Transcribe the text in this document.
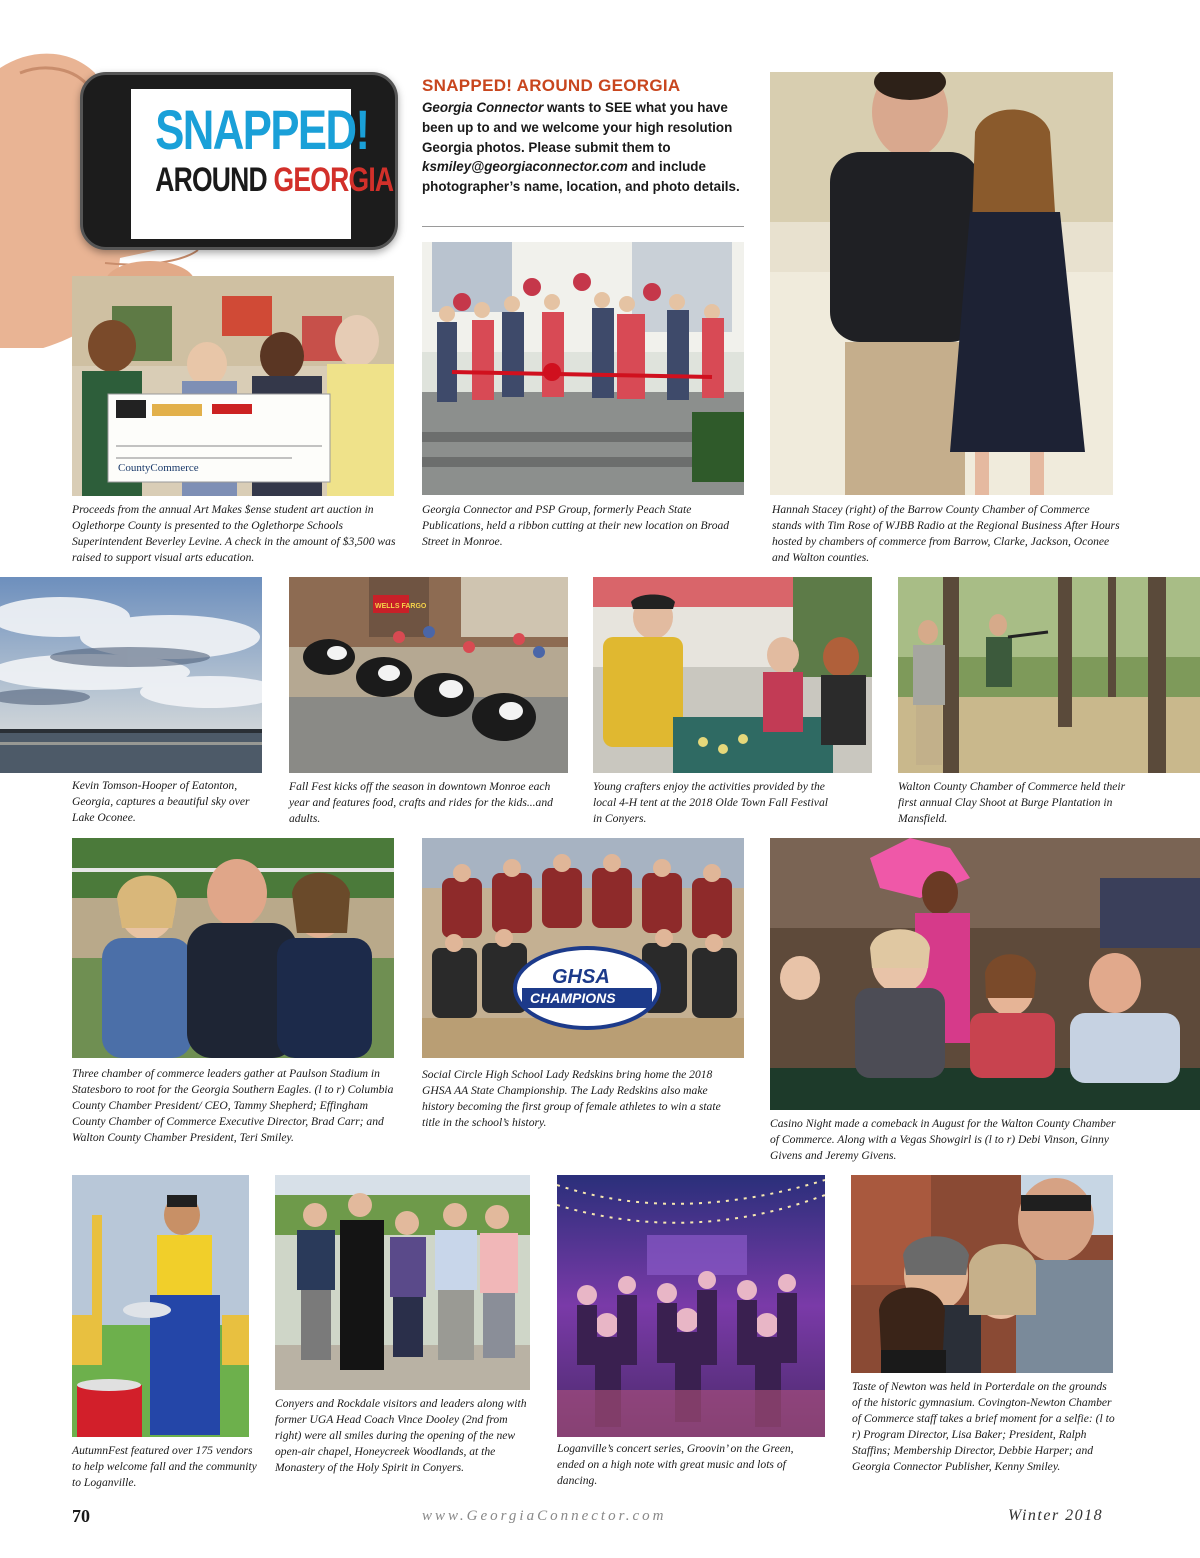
SNAPPED!
AROUND GEORGIA
SNAPPED! AROUND GEORGIA
Georgia Connector wants to SEE what you have been up to and we welcome your high resolution Georgia photos. Please submit them to ksmiley@georgiaconnector.com and include photographer’s name, location, and photo details.
CountyCommerce
Proceeds from the annual Art Makes $ense student art auction in Oglethorpe County is presented to the Oglethorpe Schools Superintendent Beverley Levine. A check in the amount of $3,500 was raised to support visual arts education.
Georgia Connector and PSP Group, formerly Peach State Publications, held a ribbon cutting at their new location on Broad Street in Monroe.
Hannah Stacey (right) of the Barrow County Chamber of Commerce stands with Tim Rose of WJBB Radio at the Regional Business After Hours hosted by chambers of commerce from Barrow, Clarke, Jackson, Oconee and Walton counties.
WELLS FARGO
Kevin Tomson-Hooper of Eatonton, Georgia, captures a beautiful sky over Lake Oconee.
Fall Fest kicks off the season in downtown Monroe each year and features food, crafts and rides for the kids...and adults.
Young crafters enjoy the activities provided by the local 4-H tent at the 2018 Olde Town Fall Festival in Conyers.
Walton County Chamber of Commerce held their first annual Clay Shoot at Burge Plantation in Mansfield.
GHSA
CHAMPIONS
Three chamber of commerce leaders gather at Paulson Stadium in Statesboro to root for the Georgia Southern Eagles. (l to r) Columbia County Chamber President/ CEO, Tammy Shepherd; Effingham County Chamber of Commerce Executive Director, Brad Carr; and Walton County Chamber President, Teri Smiley.
Social Circle High School Lady Redskins bring home the 2018 GHSA AA State Championship. The Lady Redskins also make history becoming the first group of female athletes to win a state title in the school’s history.	Casino Night made a comeback in August for the Walton County Chamber of Commerce. Along with a Vegas Showgirl is (l to r) Debi Vinson, Ginny Givens and Jeremy Givens.
AutumnFest featured over 175 vendors to help welcome fall and the community to Loganville.
Conyers and Rockdale visitors and leaders along with former UGA Head Coach Vince Dooley (2nd from right) were all smiles during the opening of the new open-air chapel, Honeycreek Woodlands, at the Monastery of the Holy Spirit in Conyers.
Loganville’s concert series, Groovin’ on the Green, ended on a high note with great music and lots of dancing.
Taste of Newton was held in Porterdale on the grounds of the historic gymnasium. Covington-Newton Chamber of Commerce staff takes a brief moment for a selfie: (l to r) Program Director, Lisa Baker; President, Ralph Staffins; Membership Director, Debbie Harper; and Georgia Connector Publisher, Kenny Smiley.
70	www.GeorgiaConnector.com	Winter 2018
